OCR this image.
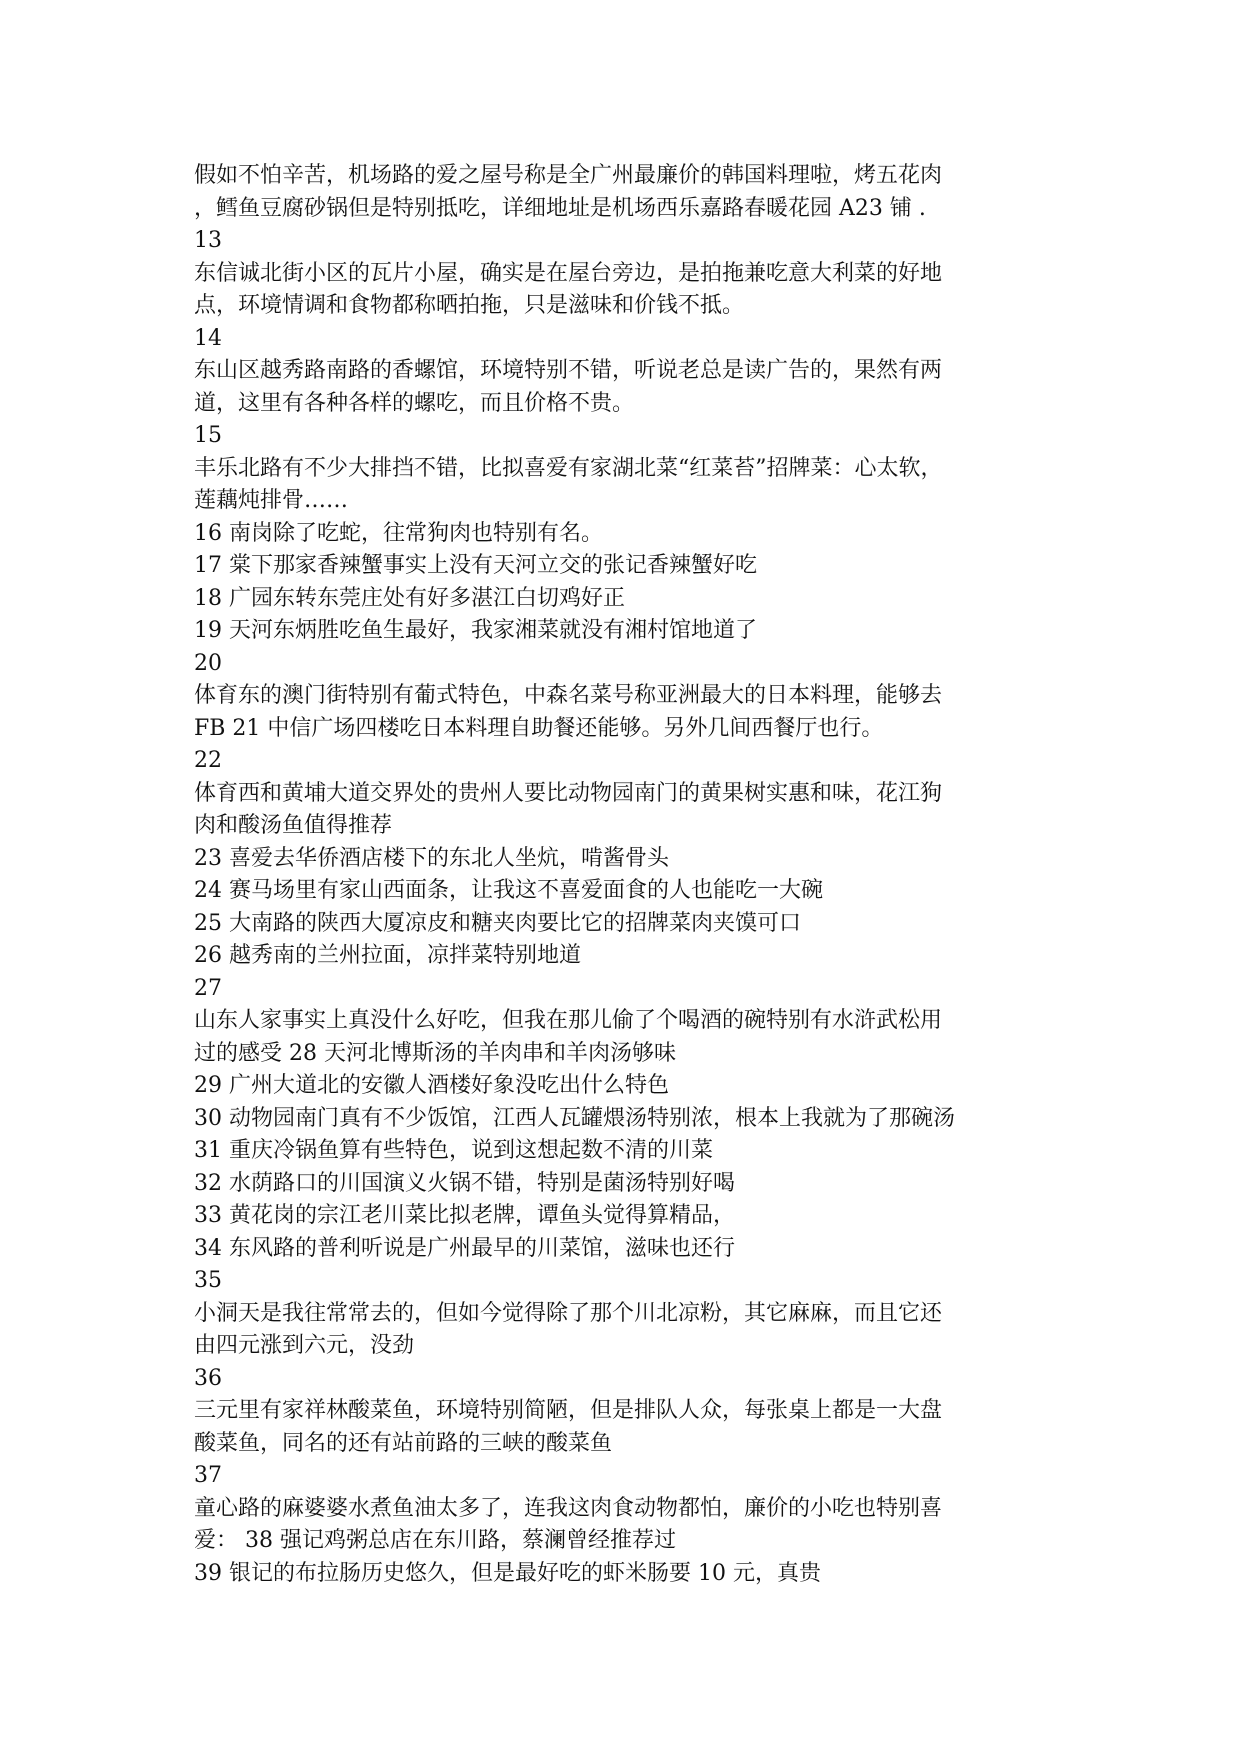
假如不怕辛苦，机场路的爱之屋号称是全广州最廉价的韩国料理啦，烤五花肉
，鳕鱼豆腐砂锅但是特别抵吃，详细地址是机场西乐嘉路春暖花园 A23 铺 .
13
东信诚北街小区的瓦片小屋，确实是在屋台旁边，是拍拖兼吃意大利菜的好地
点，环境情调和食物都称晒拍拖，只是滋味和价钱不抵。
14
东山区越秀路南路的香螺馆，环境特别不错，听说老总是读广告的，果然有两
道，这里有各种各样的螺吃，而且价格不贵。
15
丰乐北路有不少大排挡不错，比拟喜爱有家湖北菜“红菜苔”招牌菜：心太软，
莲藕炖排骨……
16 南岗除了吃蛇，往常狗肉也特别有名。
17 棠下那家香辣蟹事实上没有天河立交的张记香辣蟹好吃
18 广园东转东莞庄处有好多湛江白切鸡好正
19 天河东炳胜吃鱼生最好，我家湘菜就没有湘村馆地道了
20
体育东的澳门街特别有葡式特色，中森名菜号称亚洲最大的日本料理，能够去
FB 21 中信广场四楼吃日本料理自助餐还能够。另外几间西餐厅也行。
22
体育西和黄埔大道交界处的贵州人要比动物园南门的黄果树实惠和味，花江狗
肉和酸汤鱼值得推荐
23 喜爱去华侨酒店楼下的东北人坐炕，啃酱骨头
24 赛马场里有家山西面条，让我这不喜爱面食的人也能吃一大碗
25 大南路的陕西大厦凉皮和糖夹肉要比它的招牌菜肉夹馍可口
26 越秀南的兰州拉面，凉拌菜特别地道
27
山东人家事实上真没什么好吃，但我在那儿偷了个喝酒的碗特别有水浒武松用
过的感受 28 天河北博斯汤的羊肉串和羊肉汤够味
29 广州大道北的安徽人酒楼好象没吃出什么特色
30 动物园南门真有不少饭馆，江西人瓦罐煨汤特别浓，根本上我就为了那碗汤
31 重庆冷锅鱼算有些特色，说到这想起数不清的川菜
32 水荫路口的川国演义火锅不错，特别是菌汤特别好喝
33 黄花岗的宗江老川菜比拟老牌，谭鱼头觉得算精品，
34 东风路的普利听说是广州最早的川菜馆，滋味也还行
35
小洞天是我往常常去的，但如今觉得除了那个川北凉粉，其它麻麻，而且它还
由四元涨到六元，没劲
36
三元里有家祥林酸菜鱼，环境特别简陋，但是排队人众，每张桌上都是一大盘
酸菜鱼，同名的还有站前路的三峡的酸菜鱼
37
童心路的麻婆婆水煮鱼油太多了，连我这肉食动物都怕，廉价的小吃也特别喜
爱： 38 强记鸡粥总店在东川路，蔡澜曾经推荐过
39 银记的布拉肠历史悠久，但是最好吃的虾米肠要 10 元，真贵
